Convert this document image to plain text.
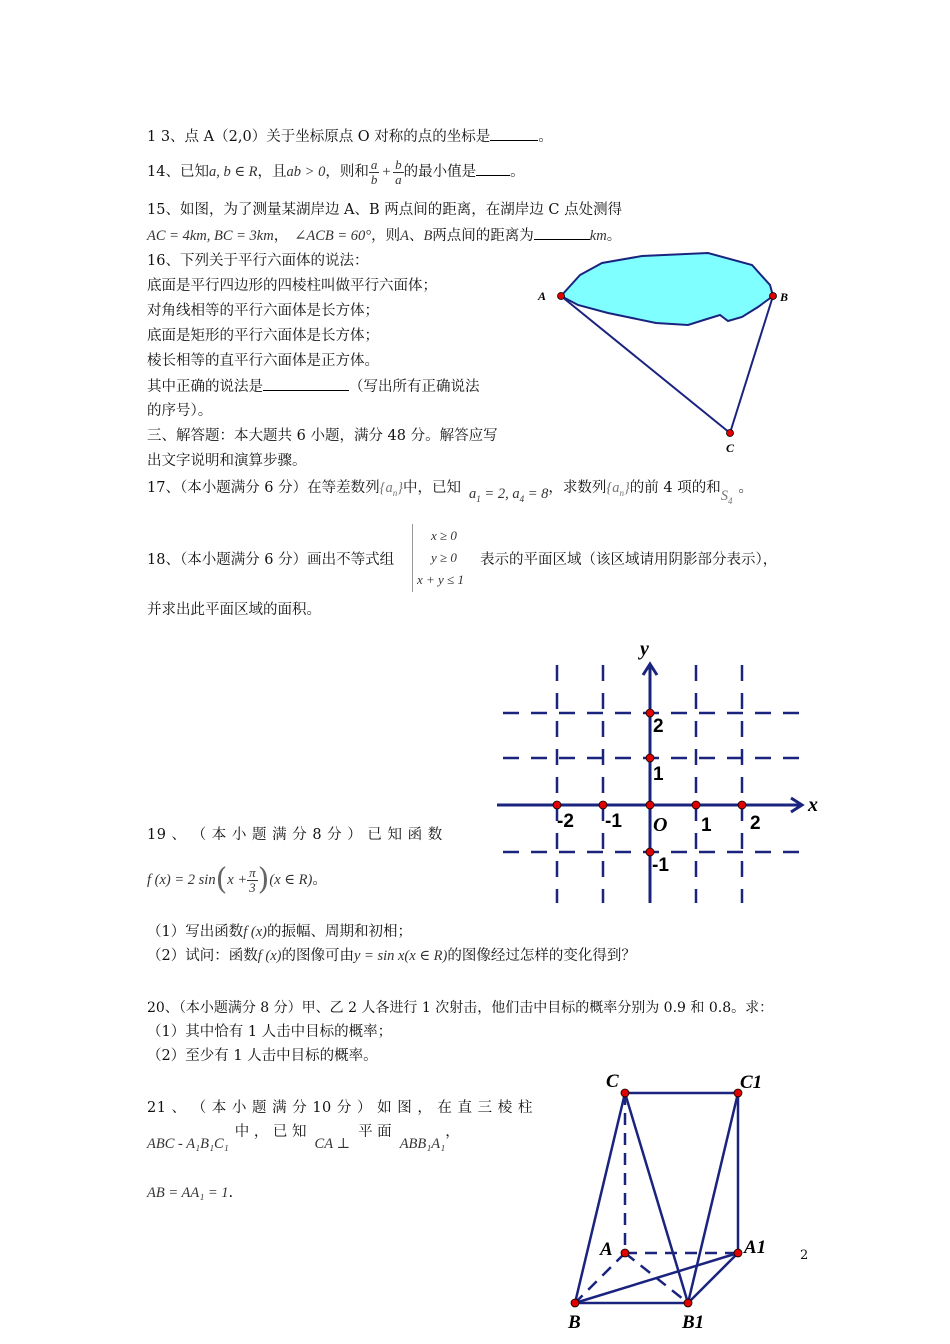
1 3、点 A（2,0）关于坐标原点 O 对称的点的坐标是	。
14、已知a, b ∈ R，且ab > 0，则和 $\frac{a}{b} + \frac{b}{a}$ 的最小值是 。
15、如图，为了测量某湖岸边 A、B 两点间的距离，在湖岸边 C 点处测得
AC = 4km, BC = 3km， ∠ACB = 60°，则A、B两点间的距离为	km。
16、下列关于平行六面体的说法：
底面是平行四边形的四棱柱叫做平行六面体；
对角线相等的平行六面体是长方体；
底面是矩形的平行六面体是长方体；
棱长相等的直平行六面体是正方体。
其中正确的说法是	（写出所有正确说法
的序号）。
三、解答题：本大题共 6 小题，满分 48 分。解答应写
出文字说明和演算步骤。
17、（本小题满分 6 分）在等差数列$\{a_n\}$中，已知 $a_1 = 2$, $a_4 = 8$，求数列$\{a_n\}$的前 4 项的和$S_4$。
18、（本小题满分 6 分）画出不等式组
x ≥ 0
y ≥ 0
x + y ≤ 1
表示的平面区域（该区域请用阴影部分表示），
并求出此平面区域的面积。
19 、 （ 本 小 题 满 分 8 分 ） 已 知 函 数
f (x) = 2 $\sin(x + \frac{\pi}{3} )(x$ ∈ R)。
（1）写出函数f (x)的振幅、周期和初相；
（2）试问：函数f (x)的图像可由y = sin x(x ∈ R)的图像经过怎样的变化得到？
20、（本小题满分 8 分）甲、乙 2 人各进行 1 次射击，他们击中目标的概率分别为 0.9 和 0.8。求：
（1）其中恰有 1 人击中目标的概率；
（2）至少有 1 人击中目标的概率。
21 、 （ 本 小 题 满 分 10 分 ） 如 图 ， 在 直 三 棱 柱
ABC - A₁B₁C₁中 ， 已 知CA ⊥平 面ABB₁A₁，
AB = AA₁ = 1.
2
A	B
C
y
x
O
-2 -1	1 2
2
1
-1
C	C1
A	A1
B	B1
